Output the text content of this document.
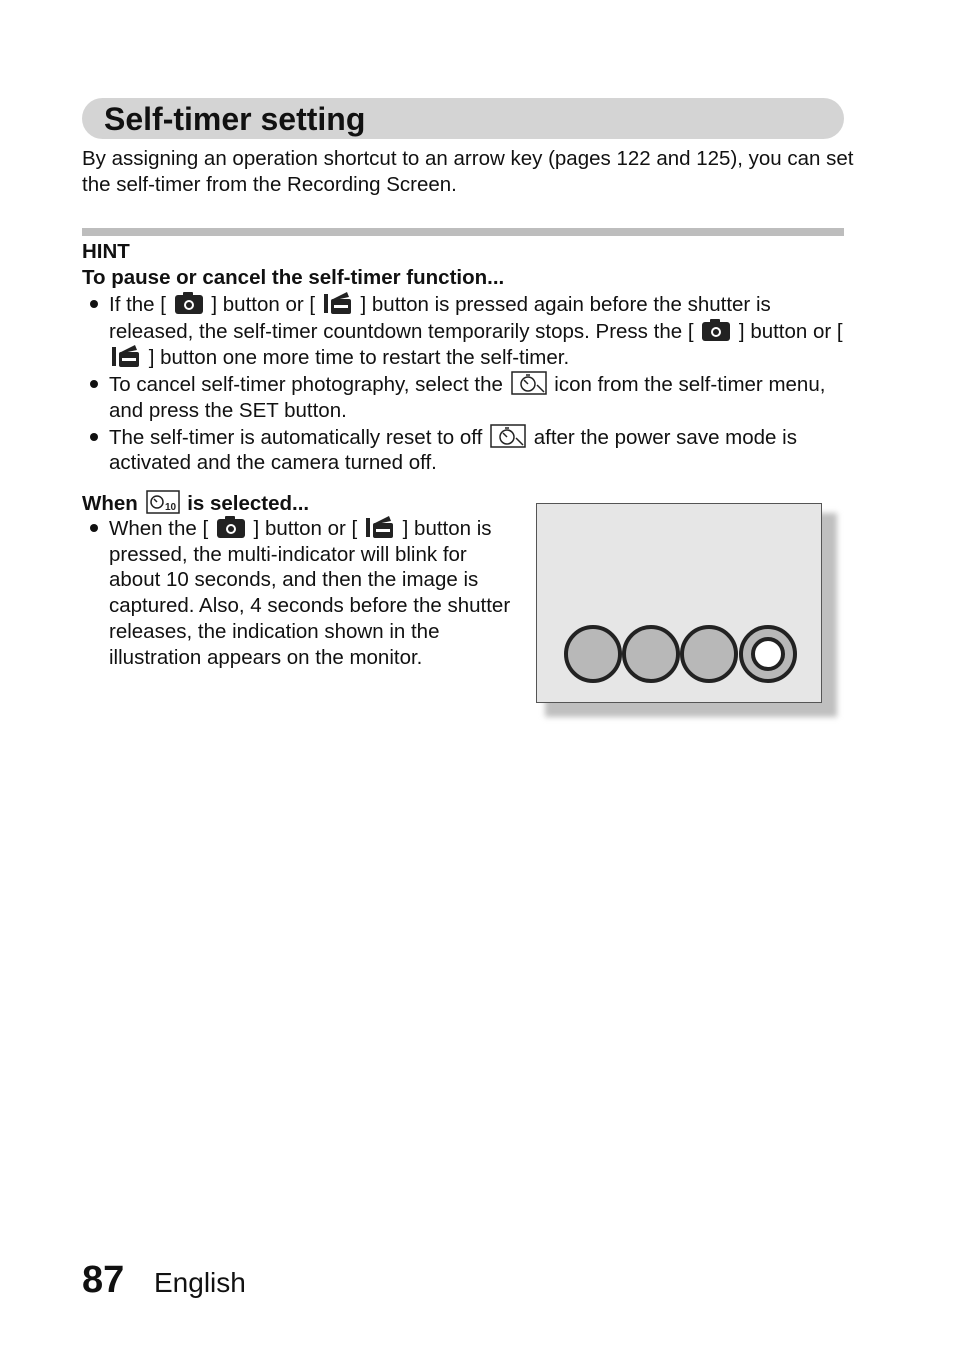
Self-timer setting
By assigning an operation shortcut to an arrow key (pages 122 and 125), you can set the self-timer from the Recording Screen.
HINT
To pause or cancel the self-timer function...
If the [ ] button or [ ] button is pressed again before the shutter is released, the self-timer countdown temporarily stops. Press the [ ] button or [  ] button one more time to restart the self-timer.
To cancel self-timer photography, select the	icon from the self-timer menu, and press the SET button.
The self-timer is automatically reset to off	after the power save mode is activated and the camera turned off.
When	10 is selected...
When the [ ] button or [ ] button is pressed, the multi-indicator will blink for about 10 seconds, and then the image is captured. Also, 4 seconds before the shutter releases, the indication shown in the illustration appears on the monitor.
87 English
